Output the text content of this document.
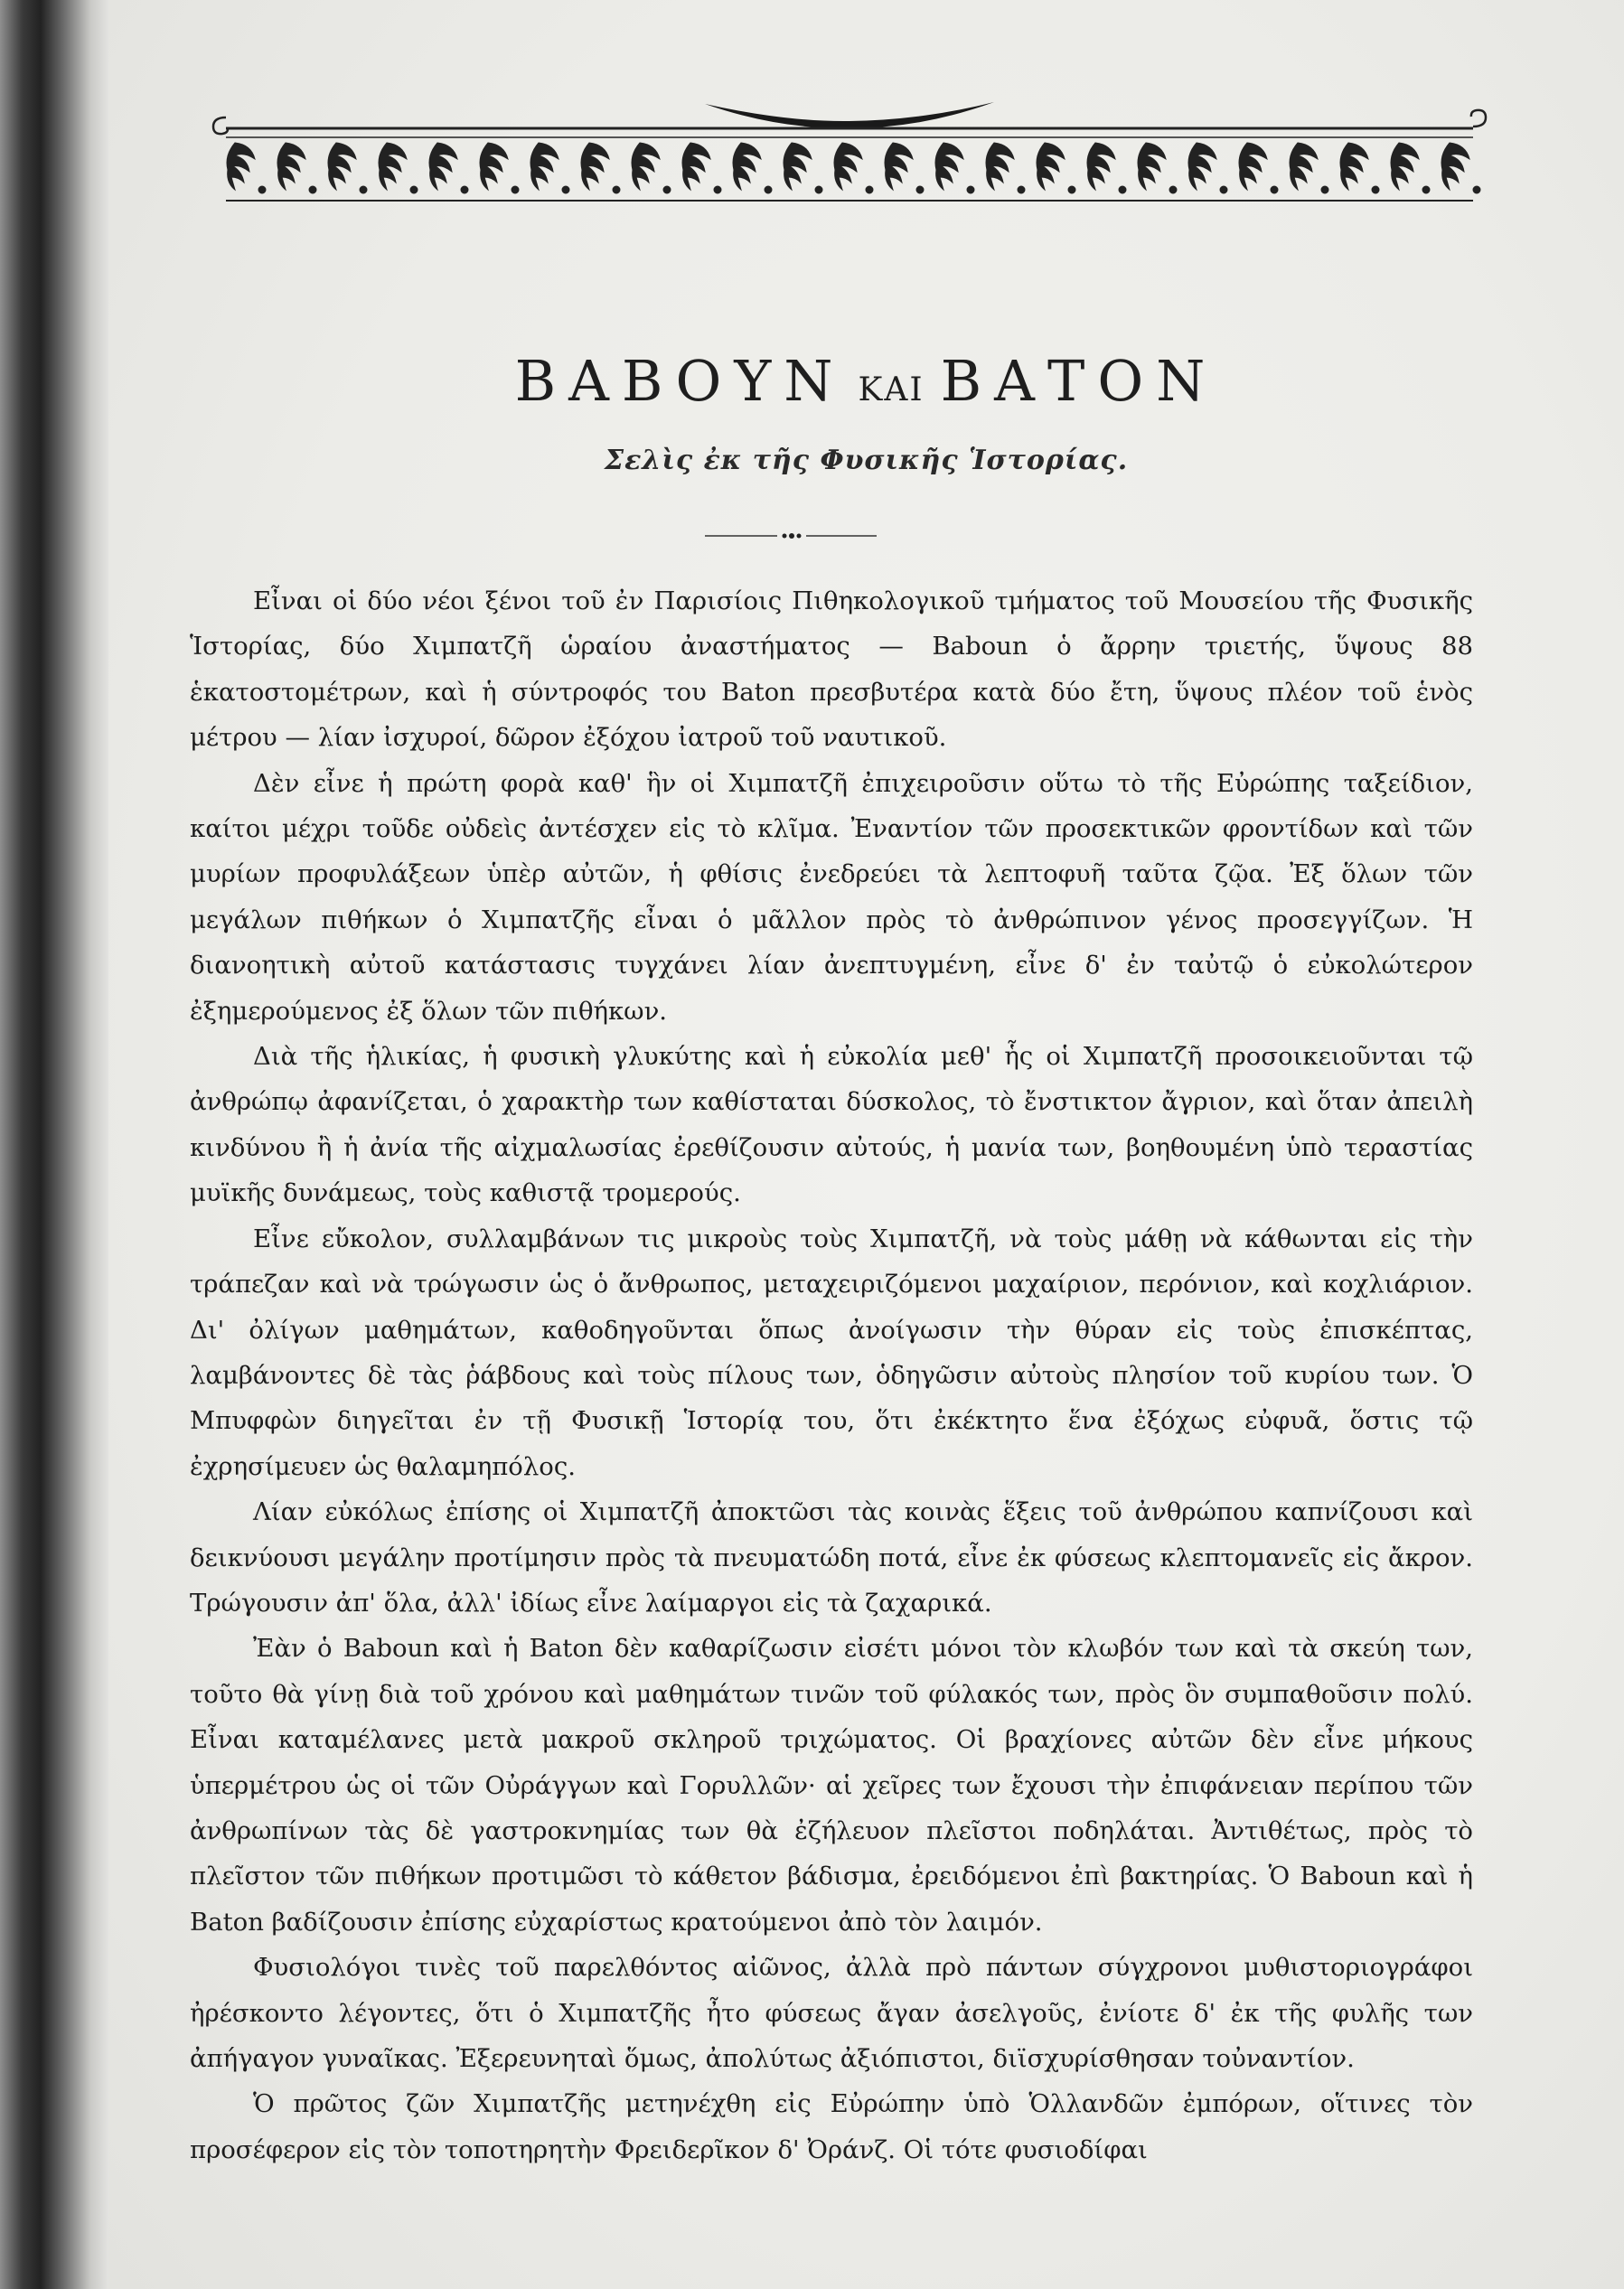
ΒΑΒΟΥΝ ΚΑΙ ΒΑΤΟΝ
Σελὶς ἐκ τῆς Φυσικῆς Ἱστορίας.

Εἶναι οἱ δύο νέοι ξένοι τοῦ ἐν Παρισίοις Πιθηκολογικοῦ τμήματος τοῦ Μουσείου τῆς Φυσικῆς Ἱστορίας, δύο Χιμπατζῆ ὡραίου ἀναστήματος — Baboun ὁ ἄρρην τριετής, ὕψους 88 ἑκατοστομέτρων, καὶ ἡ σύντροφός του Baton πρεσβυτέρα κατὰ δύο ἔτη, ὕψους πλέον τοῦ ἑνὸς μέτρου — λίαν ἰσχυροί, δῶρον ἐξόχου ἰατροῦ τοῦ ναυτικοῦ.

Δὲν εἶνε ἡ πρώτη φορὰ καθ' ἣν οἱ Χιμπατζῆ ἐπιχειροῦσιν οὕτω τὸ τῆς Εὐρώπης ταξείδιον, καίτοι μέχρι τοῦδε οὐδεὶς ἀντέσχεν εἰς τὸ κλῖμα. Ἐναντίον τῶν προσεκτικῶν φροντίδων καὶ τῶν μυρίων προφυλάξεων ὑπὲρ αὐτῶν, ἡ φθίσις ἐνεδρεύει τὰ λεπτοφυῆ ταῦτα ζῷα. Ἐξ ὅλων τῶν μεγάλων πιθήκων ὁ Χιμπατζῆς εἶναι ὁ μᾶλλον πρὸς τὸ ἀνθρώπινον γένος προσεγγίζων. Ἡ διανοητικὴ αὐτοῦ κατάστασις τυγχάνει λίαν ἀνεπτυγμένη, εἶνε δ' ἐν ταὐτῷ ὁ εὐκολώτερον ἐξημερούμενος ἐξ ὅλων τῶν πιθήκων.

Διὰ τῆς ἡλικίας, ἡ φυσικὴ γλυκύτης καὶ ἡ εὐκολία μεθ' ἧς οἱ Χιμπατζῆ προσοικειοῦνται τῷ ἀνθρώπῳ ἀφανίζεται, ὁ χαρακτὴρ των καθίσταται δύσκολος, τὸ ἔνστικτον ἄγριον, καὶ ὅταν ἀπειλὴ κινδύνου ἢ ἡ ἀνία τῆς αἰχμαλωσίας ἐρεθίζουσιν αὐτούς, ἡ μανία των, βοηθουμένη ὑπὸ τεραστίας μυϊκῆς δυνάμεως, τοὺς καθιστᾷ τρομερούς.

Εἶνε εὔκολον, συλλαμβάνων τις μικροὺς τοὺς Χιμπατζῆ, νὰ τοὺς μάθῃ νὰ κάθωνται εἰς τὴν τράπεζαν καὶ νὰ τρώγωσιν ὡς ὁ ἄνθρωπος, μεταχειριζόμενοι μαχαίριον, περόνιον, καὶ κοχλιάριον. Δι' ὀλίγων μαθημάτων, καθοδηγοῦνται ὅπως ἀνοίγωσιν τὴν θύραν εἰς τοὺς ἐπισκέπτας, λαμβάνοντες δὲ τὰς ῥάβδους καὶ τοὺς πίλους των, ὁδηγῶσιν αὐτοὺς πλησίον τοῦ κυρίου των. Ὁ Μπυφφὼν διηγεῖται ἐν τῇ Φυσικῇ Ἱστορίᾳ του, ὅτι ἐκέκτητο ἕνα ἐξόχως εὐφυᾶ, ὅστις τῷ ἐχρησίμευεν ὡς θαλαμηπόλος.

Λίαν εὐκόλως ἐπίσης οἱ Χιμπατζῆ ἀποκτῶσι τὰς κοινὰς ἕξεις τοῦ ἀνθρώπου καπνίζουσι καὶ δεικνύουσι μεγάλην προτίμησιν πρὸς τὰ πνευματώδη ποτά, εἶνε ἐκ φύσεως κλεπτομανεῖς εἰς ἄκρον. Τρώγουσιν ἀπ' ὅλα, ἀλλ' ἰδίως εἶνε λαίμαργοι εἰς τὰ ζαχαρικά.

Ἐὰν ὁ Baboun καὶ ἡ Baton δὲν καθαρίζωσιν εἰσέτι μόνοι τὸν κλωβόν των καὶ τὰ σκεύη των, τοῦτο θὰ γίνῃ διὰ τοῦ χρόνου καὶ μαθημάτων τινῶν τοῦ φύλακός των, πρὸς ὃν συμπαθοῦσιν πολύ. Εἶναι καταμέλανες μετὰ μακροῦ σκληροῦ τριχώματος. Οἱ βραχίονες αὐτῶν δὲν εἶνε μήκους ὑπερμέτρου ὡς οἱ τῶν Οὐράγγων καὶ Γορυλλῶν· αἱ χεῖρες των ἔχουσι τὴν ἐπιφάνειαν περίπου τῶν ἀνθρωπίνων τὰς δὲ γαστροκνημίας των θὰ ἐζήλευον πλεῖστοι ποδηλάται. Ἀντιθέτως, πρὸς τὸ πλεῖστον τῶν πιθήκων προτιμῶσι τὸ κάθετον βάδισμα, ἐρειδόμενοι ἐπὶ βακτηρίας. Ὁ Baboun καὶ ἡ Baton βαδίζουσιν ἐπίσης εὐχαρίστως κρατούμενοι ἀπὸ τὸν λαιμόν.

Φυσιολόγοι τινὲς τοῦ παρελθόντος αἰῶνος, ἀλλὰ πρὸ πάντων σύγχρονοι μυθιστοριογράφοι ἠρέσκοντο λέγοντες, ὅτι ὁ Χιμπατζῆς ἦτο φύσεως ἄγαν ἀσελγοῦς, ἐνίοτε δ' ἐκ τῆς φυλῆς των ἀπήγαγον γυναῖκας. Ἐξερευνηταὶ ὅμως, ἀπολύτως ἀξιόπιστοι, διϊσχυρίσθησαν τοὐναντίον.

Ὁ πρῶτος ζῶν Χιμπατζῆς μετηνέχθη εἰς Εὐρώπην ὑπὸ Ὁλλανδῶν ἐμπόρων, οἵτινες τὸν προσέφερον εἰς τὸν τοποτηρητὴν Φρειδερῖκον δ' Ὀράνζ. Οἱ τότε φυσιοδίφαι
